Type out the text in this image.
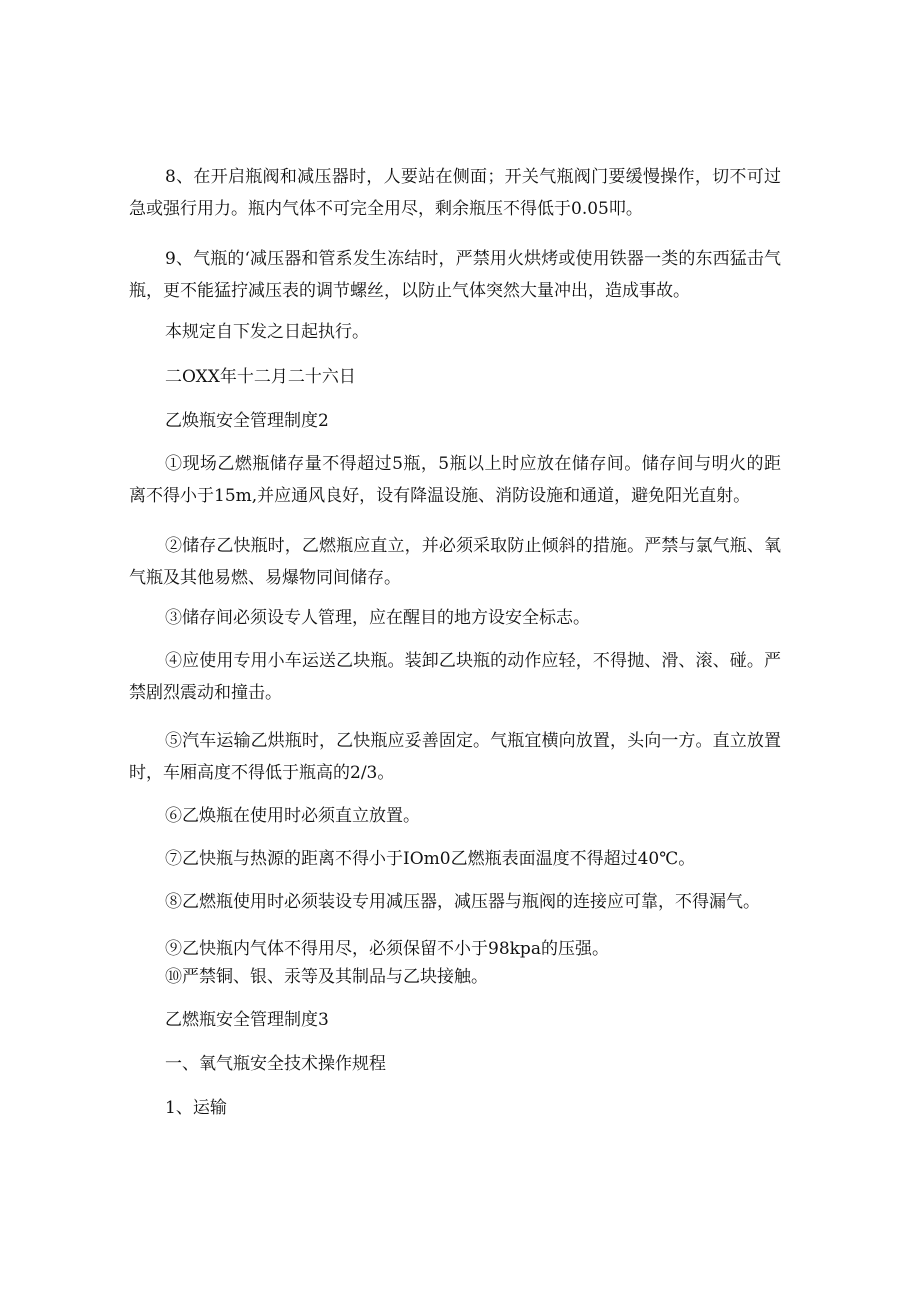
8、在开启瓶阀和减压器时，人要站在侧面；开关气瓶阀门要缓慢操作，切不可过急或强行用力。瓶内气体不可完全用尽，剩余瓶压不得低于0.05叩。

9、气瓶的‘减压器和管系发生冻结时，严禁用火烘烤或使用铁器一类的东西猛击气瓶，更不能猛拧减压表的调节螺丝，以防止气体突然大量冲出，造成事故。

本规定自下发之日起执行。

二OXX年十二月二十六日

乙焕瓶安全管理制度2

①现场乙燃瓶储存量不得超过5瓶，5瓶以上时应放在储存间。储存间与明火的距离不得小于15m,并应通风良好，设有降温设施、消防设施和通道，避免阳光直射。

②储存乙快瓶时，乙燃瓶应直立，并必须采取防止倾斜的措施。严禁与氯气瓶、氧气瓶及其他易燃、易爆物同间储存。

③储存间必须设专人管理，应在醒目的地方设安全标志。

④应使用专用小车运送乙块瓶。装卸乙块瓶的动作应轻，不得抛、滑、滚、碰。严禁剧烈震动和撞击。

⑤汽车运输乙烘瓶时，乙快瓶应妥善固定。气瓶宜横向放置，头向一方。直立放置时，车厢高度不得低于瓶高的2/3。

⑥乙焕瓶在使用时必须直立放置。

⑦乙快瓶与热源的距离不得小于IOm0乙燃瓶表面温度不得超过40℃。

⑧乙燃瓶使用时必须装设专用减压器，减压器与瓶阀的连接应可靠，不得漏气。

⑨乙快瓶内气体不得用尽，必须保留不小于98kpa的压强。

⑩严禁铜、银、汞等及其制品与乙块接触。

乙燃瓶安全管理制度3

一、氧气瓶安全技术操作规程

1、运输
